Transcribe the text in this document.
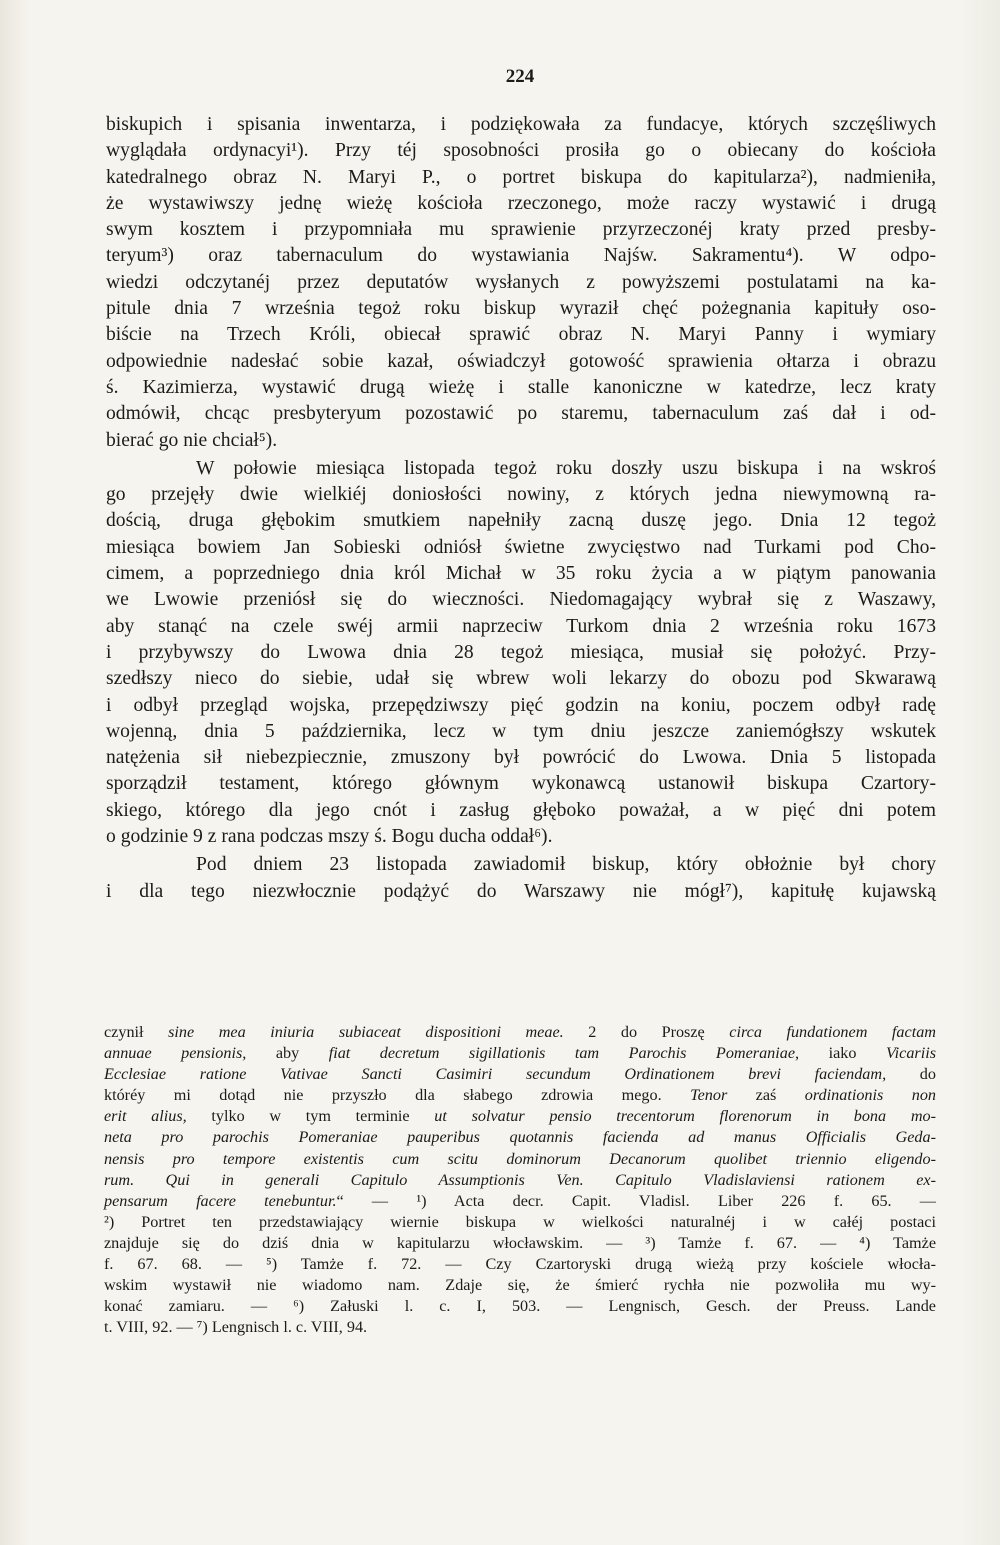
224
biskupich i spisania inwentarza, i podziękowała za fundacye, których szczęśliwych
wyglądała ordynacyi¹). Przy téj sposobności prosiła go o obiecany do kościoła
katedralnego obraz N. Maryi P., o portret biskupa do kapitularza²), nadmieniła,
że wystawiwszy jednę wieżę kościoła rzeczonego, może raczy wystawić i drugą
swym kosztem i przypomniała mu sprawienie przyrzeczonéj kraty przed presby-
teryum³) oraz tabernaculum do wystawiania Najśw. Sakramentu⁴). W odpo-
wiedzi odczytanéj przez deputatów wysłanych z powyższemi postulatami na ka-
pitule dnia 7 września tegoż roku biskup wyraził chęć pożegnania kapituły oso-
biście na Trzech Króli, obiecał sprawić obraz N. Maryi Panny i wymiary
odpowiednie nadesłać sobie kazał, oświadczył gotowość sprawienia ołtarza i obrazu
ś. Kazimierza, wystawić drugą wieżę i stalle kanoniczne w katedrze, lecz kraty
odmówił, chcąc presbyteryum pozostawić po staremu, tabernaculum zaś dał i od-
bierać go nie chciał⁵).
W połowie miesiąca listopada tegoż roku doszły uszu biskupa i na wskroś
go przejęły dwie wielkiéj doniosłości nowiny, z których jedna niewymowną ra-
dością, druga głębokim smutkiem napełniły zacną duszę jego. Dnia 12 tegoż
miesiąca bowiem Jan Sobieski odniósł świetne zwycięstwo nad Turkami pod Cho-
cimem, a poprzedniego dnia król Michał w 35 roku życia a w piątym panowania
we Lwowie przeniósł się do wieczności. Niedomagający wybrał się z Waszawy,
aby stanąć na czele swéj armii naprzeciw Turkom dnia 2 września roku 1673
i przybywszy do Lwowa dnia 28 tegoż miesiąca, musiał się położyć. Przy-
szedłszy nieco do siebie, udał się wbrew woli lekarzy do obozu pod Skwarawą
i odbył przegląd wojska, przepędziwszy pięć godzin na koniu, poczem odbył radę
wojenną, dnia 5 października, lecz w tym dniu jeszcze zaniemógłszy wskutek
natężenia sił niebezpiecznie, zmuszony był powrócić do Lwowa. Dnia 5 listopada
sporządził testament, którego głównym wykonawcą ustanowił biskupa Czartory-
skiego, którego dla jego cnót i zasług głęboko poważał, a w pięć dni potem
o godzinie 9 z rana podczas mszy ś. Bogu ducha oddał⁶).
Pod dniem 23 listopada zawiadomił biskup, który obłożnie był chory
i dla tego niezwłocznie podążyć do Warszawy nie mógł⁷), kapitułę kujawską
czynił sine mea iniuria subiaceat dispositioni meae. 2 do Proszę circa fundationem factam
annuae pensionis, aby fiat decretum sigillationis tam Parochis Pomeraniae, iako Vicariis
Ecclesiae ratione Vativae Sancti Casimiri secundum Ordinationem brevi faciendam, do
któréy mi dotąd nie przyszło dla słabego zdrowia mego. Tenor zaś ordinationis non
erit alius, tylko w tym terminie ut solvatur pensio trecentorum florenorum in bona mo-
neta pro parochis Pomeraniae pauperibus quotannis facienda ad manus Officialis Geda-
nensis pro tempore existentis cum scitu dominorum Decanorum quolibet triennio eligendo-
rum. Qui in generali Capitulo Assumptionis Ven. Capitulo Vladislaviensi rationem ex-
pensarum facere tenebuntur.“ — ¹) Acta decr. Capit. Vladisl. Liber 226 f. 65. —
²) Portret ten przedstawiający wiernie biskupa w wielkości naturalnéj i w całéj postaci
znajduje się do dziś dnia w kapitularzu włocławskim. — ³) Tamże f. 67. — ⁴) Tamże
f. 67. 68. — ⁵) Tamże f. 72. — Czy Czartoryski drugą wieżą przy kościele włocła-
wskim wystawił nie wiadomo nam. Zdaje się, że śmierć rychła nie pozwoliła mu wy-
konać zamiaru. — ⁶) Załuski l. c. I, 503. — Lengnisch, Gesch. der Preuss. Lande
t. VIII, 92. — ⁷) Lengnisch l. c. VIII, 94.
